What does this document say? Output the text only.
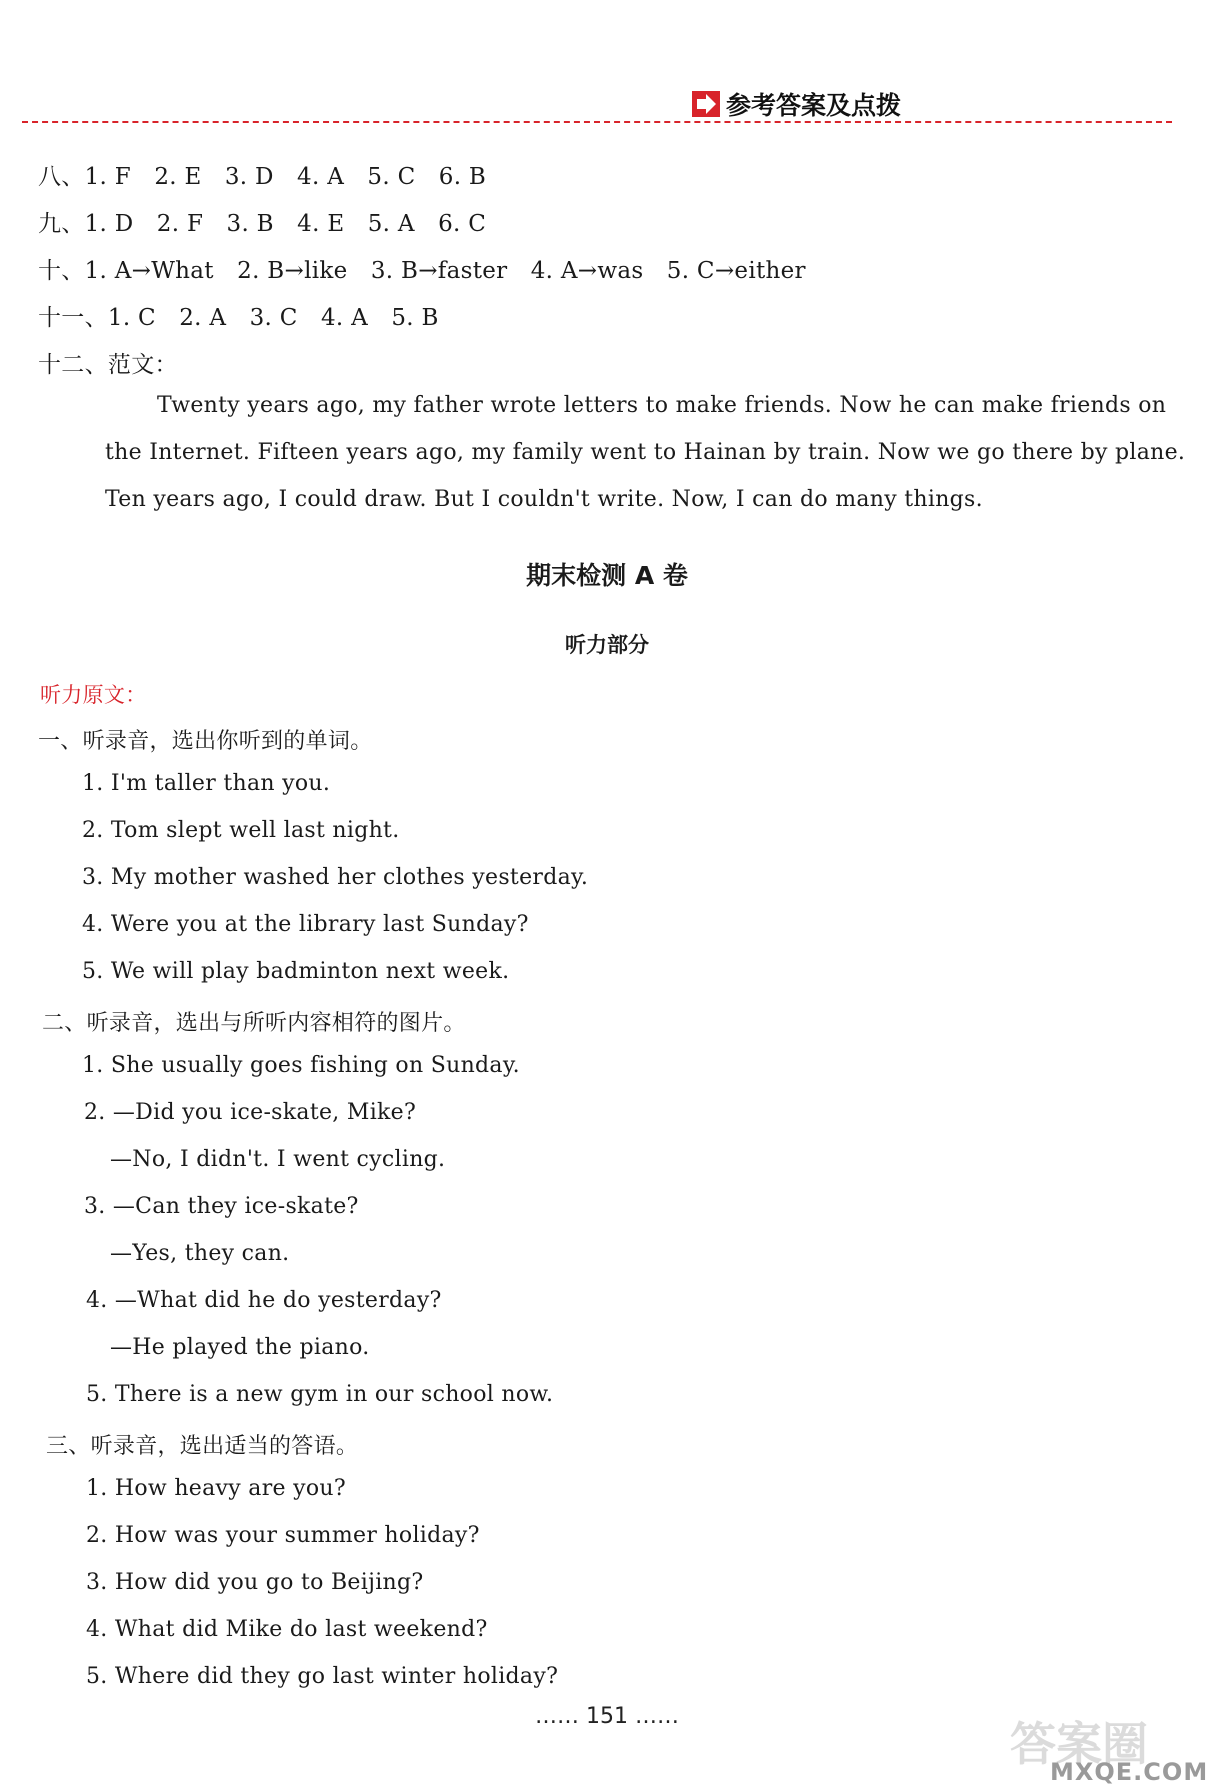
参考答案及点拨
八、1. F　2. E　3. D　4. A　5. C　6. B
九、1. D　2. F　3. B　4. E　5. A　6. C
十、1. A→What　2. B→like　3. B→faster　4. A→was　5. C→either
十一、1. C　2. A　3. C　4. A　5. B
十二、范文：
Twenty years ago, my father wrote letters to make friends. Now he can make friends on
the Internet. Fifteen years ago, my family went to Hainan by train. Now we go there by plane.
Ten years ago, I could draw. But I couldn't write. Now, I can do many things.
期末检测 A 卷
听力部分
听力原文：
一、听录音，选出你听到的单词。
1. I'm taller than you.
2. Tom slept well last night.
3. My mother washed her clothes yesterday.
4. Were you at the library last Sunday?
5. We will play badminton next week.
二、听录音，选出与所听内容相符的图片。
1. She usually goes fishing on Sunday.
2. —Did you ice-skate, Mike?
—No, I didn't. I went cycling.
3. —Can they ice-skate?
—Yes, they can.
4. —What did he do yesterday?
—He played the piano.
5. There is a new gym in our school now.
三、听录音，选出适当的答语。
1. How heavy are you?
2. How was your summer holiday?
3. How did you go to Beijing?
4. What did Mike do last weekend?
5. Where did they go last winter holiday?
…… 151 ……
答案圈
MXQE.COM
